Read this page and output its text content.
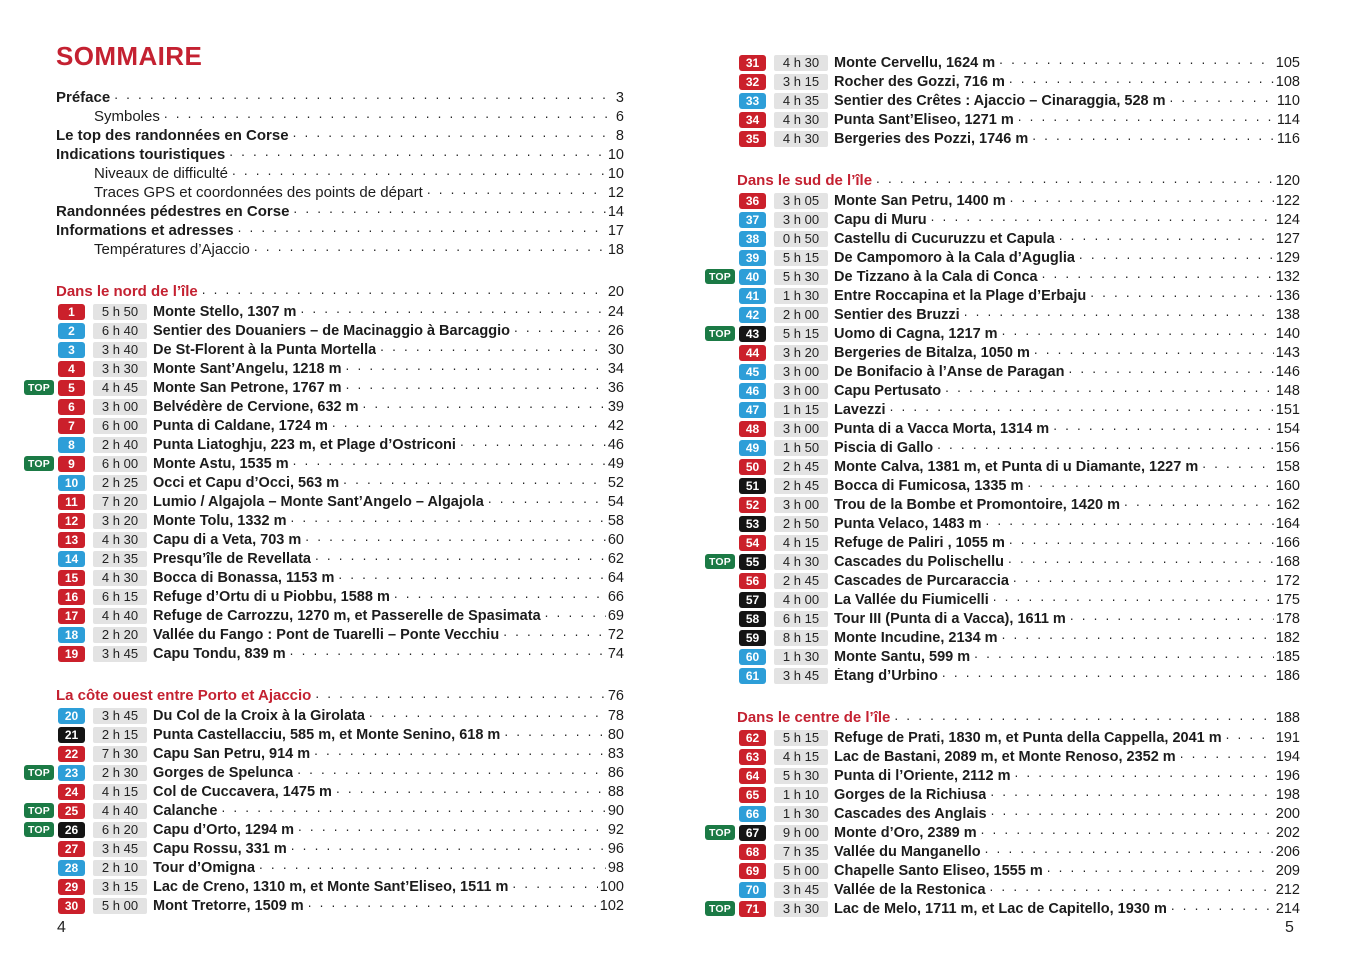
SOMMAIRE
Préface . . .	3
Symboles . . .	6
Le top des randonnées en Corse . . .	8
Indications touristiques . . .	10
Niveaux de difficulté . . .	10
Traces GPS et coordonnées des points de départ . . .	12
Randonnées pédestres en Corse . . .	14
Informations et adresses . . .	17
Températures d’Ajaccio . . .	18
Dans le nord de l’île . . .	20
1	5 h 50	Monte Stello, 1307 m . . .	24
2	6 h 40	Sentier des Douaniers – de Macinaggio à Barcaggio . . .	26
3	3 h 40	De St-Florent à la Punta Mortella . . .	30
4	3 h 30	Monte Sant’Angelu, 1218 m . . .	34
TOP	5	4 h 45	Monte San Petrone, 1767 m . . .	36
6	3 h 00	Belvédère de Cervione, 632 m . . .	39
7	6 h 00	Punta di Caldane, 1724 m . . .	42
8	2 h 40	Punta Liatoghju, 223 m, et Plage d’Ostriconi . . .	46
TOP	9	6 h 00	Monte Astu, 1535 m . . .	49
10	2 h 25	Occi et Capu d’Occi, 563 m . . .	52
11	7 h 20	Lumio / Algajola – Monte Sant’Angelo – Algajola . . .	54
12	3 h 20	Monte Tolu, 1332 m . . .	58
13	4 h 30	Capu di a Veta, 703 m . . .	60
14	2 h 35	Presqu’île de Revellata . . .	62
15	4 h 30	Bocca di Bonassa, 1153 m . . .	64
16	6 h 15	Refuge d’Ortu di u Piobbu, 1588 m . . .	66
17	4 h 40	Refuge de Carrozzu, 1270 m, et Passerelle de Spasimata . . .	69
18	2 h 20	Vallée du Fango : Pont de Tuarelli – Ponte Vecchiu . . .	72
19	3 h 45	Capu Tondu, 839 m . . .	74
La côte ouest entre Porto et Ajaccio . . .	76
20	3 h 45	Du Col de la Croix à la Girolata . . .	78
21	2 h 15	Punta Castellacciu, 585 m, et Monte Senino, 618 m . . .	80
22	7 h 30	Capu San Petru, 914 m . . .	83
TOP	23	2 h 30	Gorges de Spelunca . . .	86
24	4 h 15	Col de Cuccavera, 1475 m . . .	88
TOP	25	4 h 40	Calanche . . .	90
TOP	26	6 h 20	Capu d’Orto, 1294 m . . .	92
27	3 h 45	Capu Rossu, 331 m . . .	96
28	2 h 10	Tour d’Omigna . . .	98
29	3 h 15	Lac de Creno, 1310 m, et Monte Sant’Eliseo, 1511 m . . .	100
30	5 h 00	Mont Tretorre, 1509 m . . .	102
31	4 h 30	Monte Cervellu, 1624 m . . .	105
32	3 h 15	Rocher des Gozzi, 716 m . . .	108
33	4 h 35	Sentier des Crêtes : Ajaccio – Cinaraggia, 528 m . . .	110
34	4 h 30	Punta Sant’Eliseo, 1271 m . . .	114
35	4 h 30	Bergeries des Pozzi, 1746 m . . .	116
Dans le sud de l’île . . .	120
36	3 h 05	Monte San Petru, 1400 m . . .	122
37	3 h 00	Capu di Muru . . .	124
38	0 h 50	Castellu di Cucuruzzu et Capula . . .	127
39	5 h 15	De Campomoro à la Cala d’Aguglia . . .	129
TOP	40	5 h 30	De Tizzano à la Cala di Conca . . .	132
41	1 h 30	Entre Roccapina et la Plage d’Erbaju . . .	136
42	2 h 00	Sentier des Bruzzi . . .	138
TOP	43	5 h 15	Uomo di Cagna, 1217 m . . .	140
44	3 h 20	Bergeries de Bitalza, 1050 m . . .	143
45	3 h 00	De Bonifacio à l’Anse de Paragan . . .	146
46	3 h 00	Capu Pertusato . . .	148
47	1 h 15	Lavezzi . . .	151
48	3 h 00	Punta di a Vacca Morta, 1314 m . . .	154
49	1 h 50	Piscia di Gallo . . .	156
50	2 h 45	Monte Calva, 1381 m, et Punta di u Diamante, 1227 m . . .	158
51	2 h 45	Bocca di Fumicosa, 1335 m . . .	160
52	3 h 00	Trou de la Bombe et Promontoire, 1420 m . . .	162
53	2 h 50	Punta Velaco, 1483 m . . .	164
54	4 h 15	Refuge de Paliri , 1055 m . . .	166
TOP	55	4 h 30	Cascades du Polischellu . . .	168
56	2 h 45	Cascades de Purcaraccia . . .	172
57	4 h 00	La Vallée du Fiumicelli . . .	175
58	6 h 15	Tour III (Punta di a Vacca), 1611 m . . .	178
59	8 h 15	Monte Incudine, 2134 m . . .	182
60	1 h 30	Monte Santu, 599 m . . .	185
61	3 h 45	Étang d’Urbino . . .	186
Dans le centre de l’île . . .	188
62	5 h 15	Refuge de Prati, 1830 m, et Punta della Cappella, 2041 m . . .	191
63	4 h 15	Lac de Bastani, 2089 m, et Monte Renoso, 2352 m . . .	194
64	5 h 30	Punta di l’Oriente, 2112 m . . .	196
65	1 h 10	Gorges de la Richiusa . . .	198
66	1 h 30	Cascades des Anglais . . .	200
TOP	67	9 h 00	Monte d’Oro, 2389 m . . .	202
68	7 h 35	Vallée du Manganello . . .	206
69	5 h 00	Chapelle Santo Eliseo, 1555 m . . .	209
70	3 h 45	Vallée de la Restonica . . .	212
TOP	71	3 h 30	Lac de Melo, 1711 m, et Lac de Capitello, 1930 m . . .	214
4	5
